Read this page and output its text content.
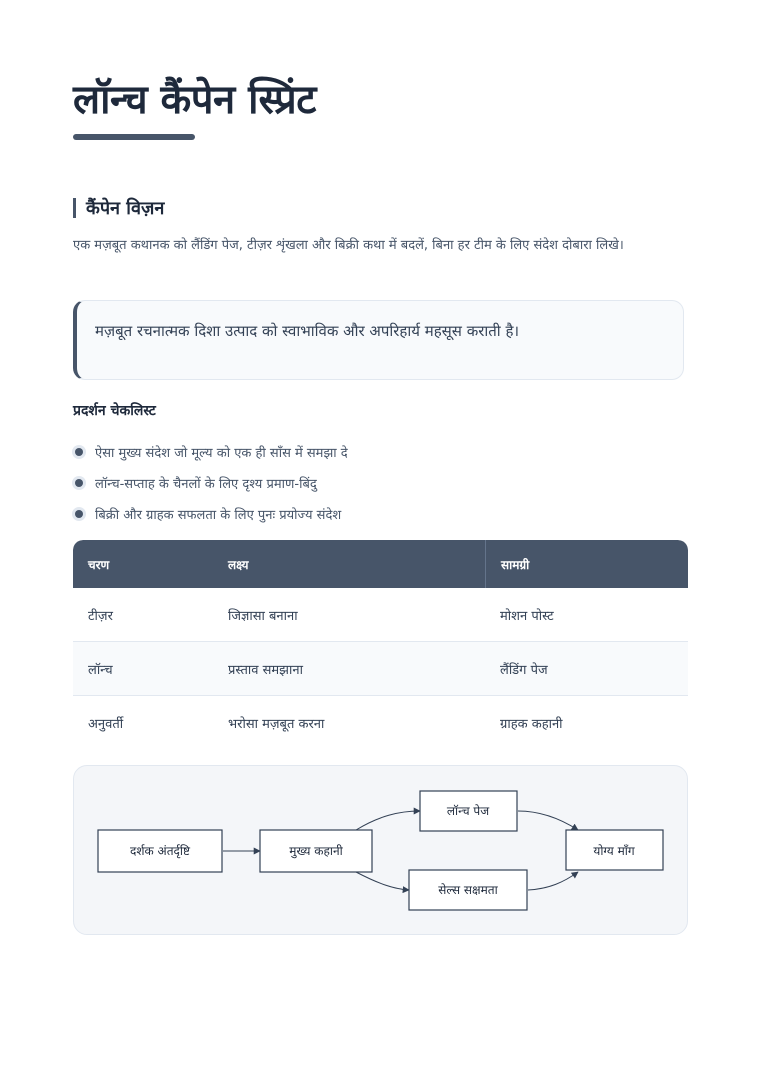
लॉन्च कैंपेन स्प्रिंट
कैंपेन विज़न
एक मज़बूत कथानक को लैंडिंग पेज, टीज़र शृंखला और बिक्री कथा में बदलें, बिना हर टीम के लिए संदेश दोबारा लिखे।
मज़बूत रचनात्मक दिशा उत्पाद को स्वाभाविक और अपरिहार्य महसूस कराती है।
प्रदर्शन चेकलिस्ट
ऐसा मुख्य संदेश जो मूल्य को एक ही साँस में समझा दे
लॉन्च-सप्ताह के चैनलों के लिए दृश्य प्रमाण-बिंदु
बिक्री और ग्राहक सफलता के लिए पुनः प्रयोज्य संदेश
चरण	लक्ष्य	सामग्री
टीज़र	जिज्ञासा बनाना	मोशन पोस्ट
लॉन्च	प्रस्ताव समझाना	लैंडिंग पेज
अनुवर्ती	भरोसा मज़बूत करना	ग्राहक कहानी
दर्शक अंतर्दृष्टि	मुख्य कहानी
लॉन्च पेज
सेल्स सक्षमता
योग्य माँग
